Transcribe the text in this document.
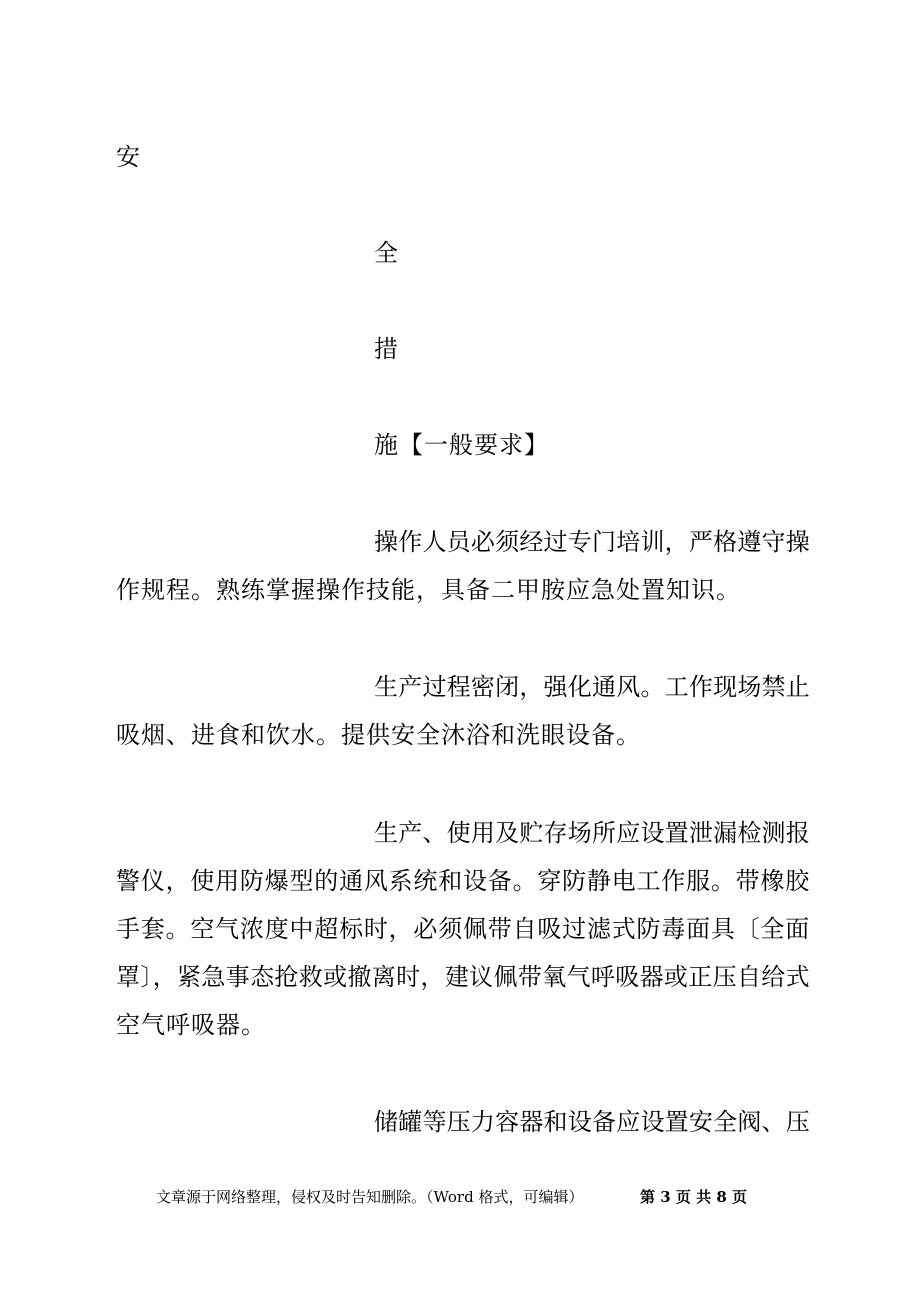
安
全
措
施【一般要求】
操作人员必须经过专门培训，严格遵守操
作规程。熟练掌握操作技能，具备二甲胺应急处置知识。
生产过程密闭，强化通风。工作现场禁止
吸烟、进食和饮水。提供安全沐浴和洗眼设备。
生产、使用及贮存场所应设置泄漏检测报
警仪，使用防爆型的通风系统和设备。穿防静电工作服。带橡胶
手套。空气浓度中超标时，必须佩带自吸过滤式防毒面具〔全面
罩〕，紧急事态抢救或撤离时，建议佩带氧气呼吸器或正压自给式
空气呼吸器。
储罐等压力容器和设备应设置安全阀、压
文章源于网络整理，侵权及时告知删除。（Word 格式，可编辑）	第 3 页 共 8 页
